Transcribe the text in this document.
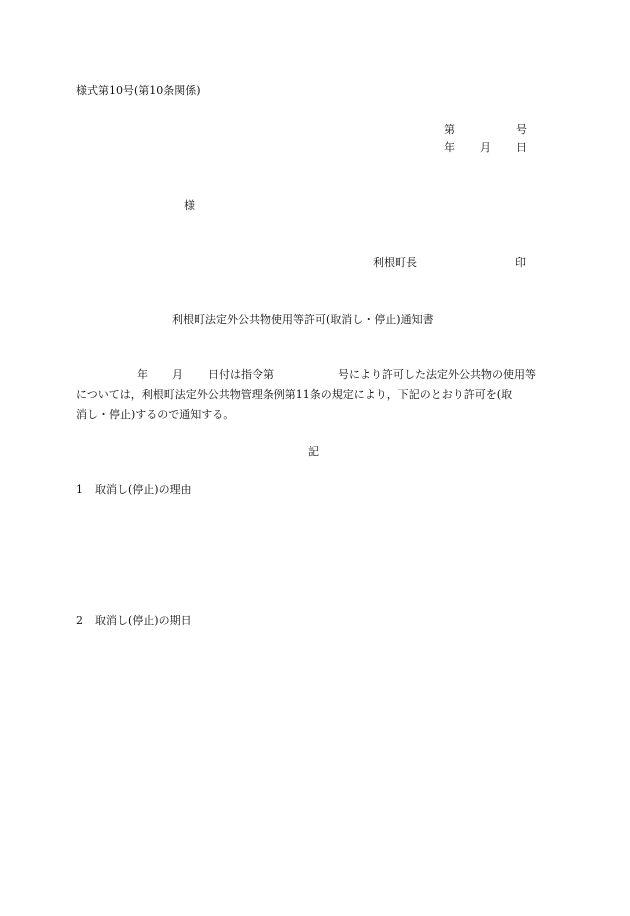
様式第10号(第10条関係)
第	号
年 月 日
様
利根町長	印
利根町法定外公共物使用等許可(取消し・停止)通知書
年 月 日付は指令第	号により許可した法定外公共物の使用等
については，利根町法定外公共物管理条例第11条の規定により，下記のとおり許可を(取
消し・停止)するので通知する。
記
1 取消し(停止)の理由
2 取消し(停止)の期日
